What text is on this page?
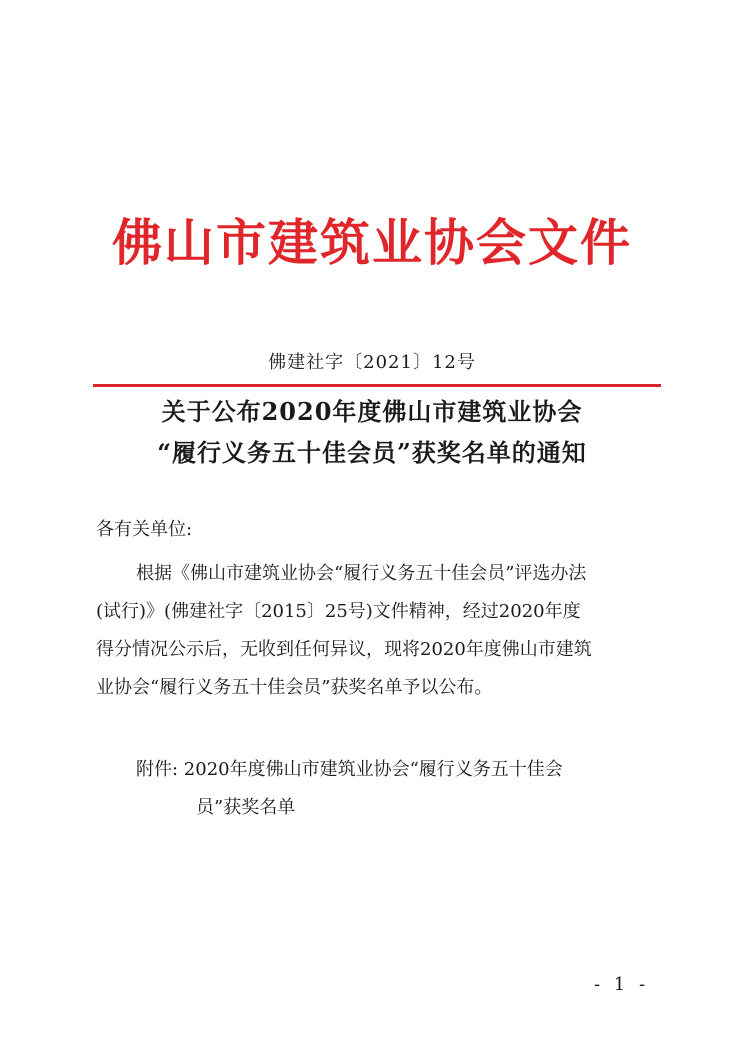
佛山市建筑业协会文件
佛建社字〔2021〕12号
关于公布2020年度佛山市建筑业协会
“履行义务五十佳会员”获奖名单的通知
各有关单位:
根据《佛山市建筑业协会“履行义务五十佳会员”评选办法
(试行)》(佛建社字〔2015〕25号)文件精神，经过2020年度
得分情况公示后，无收到任何异议，现将2020年度佛山市建筑
业协会“履行义务五十佳会员”获奖名单予以公布。
附件: 2020年度佛山市建筑业协会“履行义务五十佳会
员”获奖名单
- 1 -
